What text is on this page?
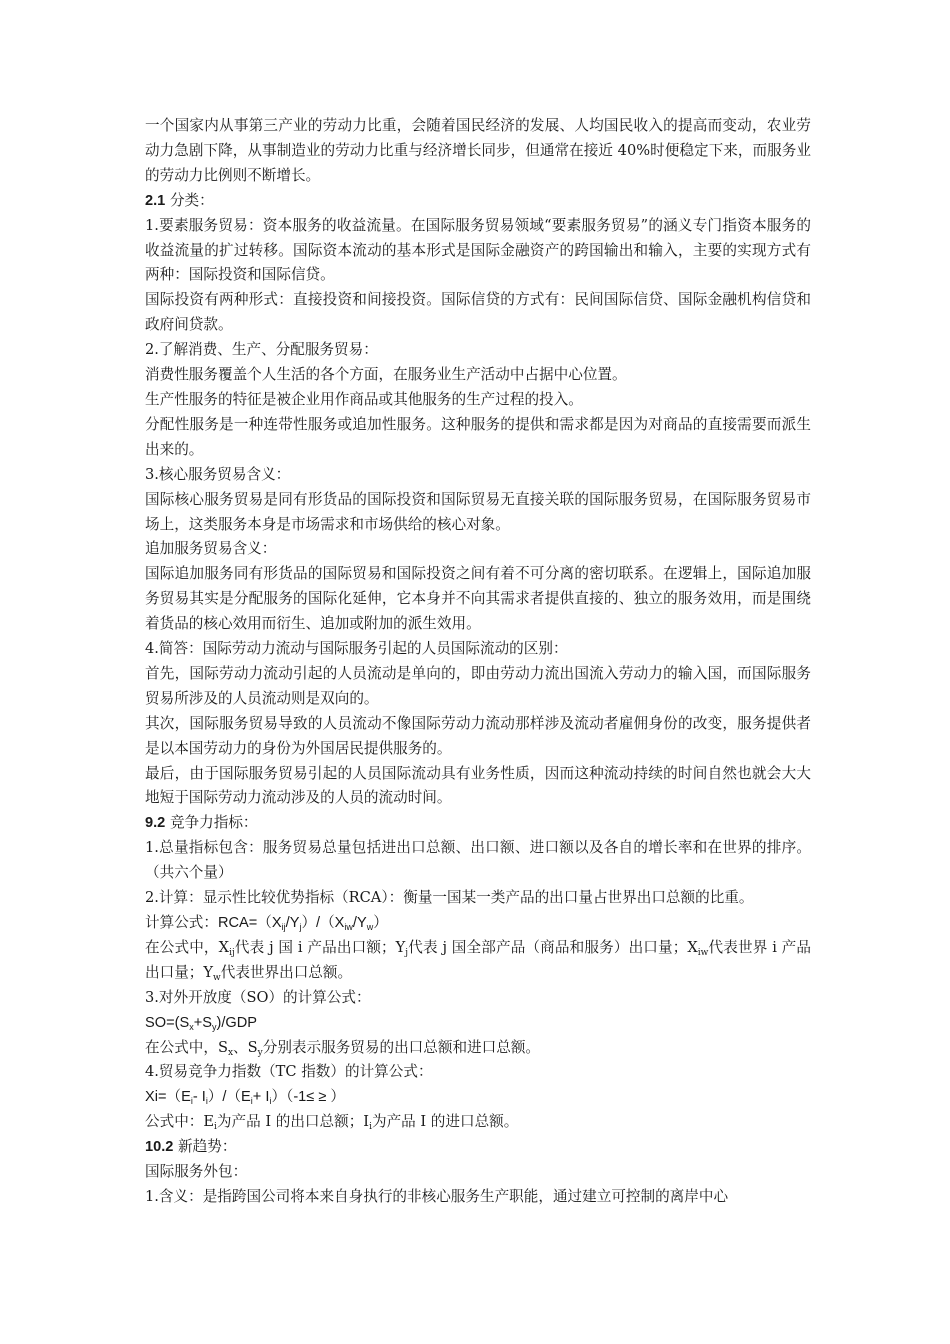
一个国家内从事第三产业的劳动力比重，会随着国民经济的发展、人均国民收入的提高而变动，农业劳动力急剧下降，从事制造业的劳动力比重与经济增长同步，但通常在接近 40%时便稳定下来，而服务业的劳动力比例则不断增长。

2.1 分类：

1.要素服务贸易：资本服务的收益流量。在国际服务贸易领域“要素服务贸易”的涵义专门指资本服务的收益流量的扩过转移。国际资本流动的基本形式是国际金融资产的跨国输出和输入，主要的实现方式有两种：国际投资和国际信贷。

国际投资有两种形式：直接投资和间接投资。国际信贷的方式有：民间国际信贷、国际金融机构信贷和政府间贷款。

2.了解消费、生产、分配服务贸易：

消费性服务覆盖个人生活的各个方面，在服务业生产活动中占据中心位置。

生产性服务的特征是被企业用作商品或其他服务的生产过程的投入。

分配性服务是一种连带性服务或追加性服务。这种服务的提供和需求都是因为对商品的直接需要而派生出来的。

3.核心服务贸易含义：

国际核心服务贸易是同有形货品的国际投资和国际贸易无直接关联的国际服务贸易，在国际服务贸易市场上，这类服务本身是市场需求和市场供给的核心对象。

追加服务贸易含义：

国际追加服务同有形货品的国际贸易和国际投资之间有着不可分离的密切联系。在逻辑上，国际追加服务贸易其实是分配服务的国际化延伸，它本身并不向其需求者提供直接的、独立的服务效用，而是围绕着货品的核心效用而衍生、追加或附加的派生效用。

4.简答：国际劳动力流动与国际服务引起的人员国际流动的区别：

首先，国际劳动力流动引起的人员流动是单向的，即由劳动力流出国流入劳动力的输入国，而国际服务贸易所涉及的人员流动则是双向的。

其次，国际服务贸易导致的人员流动不像国际劳动力流动那样涉及流动者雇佣身份的改变，服务提供者是以本国劳动力的身份为外国居民提供服务的。

最后，由于国际服务贸易引起的人员国际流动具有业务性质，因而这种流动持续的时间自然也就会大大地短于国际劳动力流动涉及的人员的流动时间。

9.2 竞争力指标：

1.总量指标包含：服务贸易总量包括进出口总额、出口额、进口额以及各自的增长率和在世界的排序。（共六个量）

2.计算：显示性比较优势指标（RCA）：衡量一国某一类产品的出口量占世界出口总额的比重。

计算公式：$RCA=(X_{ij}/Y_j)/(X_{iw}/Y_w)$

在公式中，$X_{ij}$代表 j 国 i 产品出口额；$Y_j$代表 j 国全部产品（商品和服务）出口量；$X_{iw}$代表世界 i 产品出口量；$Y_w$代表世界出口总额。

3.对外开放度（SO）的计算公式：

$SO=(S_x+S_y)$/GDP

在公式中，$S_x$、$S_y$分别表示服务贸易的出口总额和进口总额。

4.贸易竞争力指数（TC 指数）的计算公式：

$Xi=(E_i-$ $I_i)/(E_i+ I_i)(-1\le$ ≥ ）

公式中：$E_i$为产品 I 的出口总额；$I_i$为产品 I 的进口总额。

10.2 新趋势：

国际服务外包：

1.含义：是指跨国公司将本来自身执行的非核心服务生产职能，通过建立可控制的离岸中心
